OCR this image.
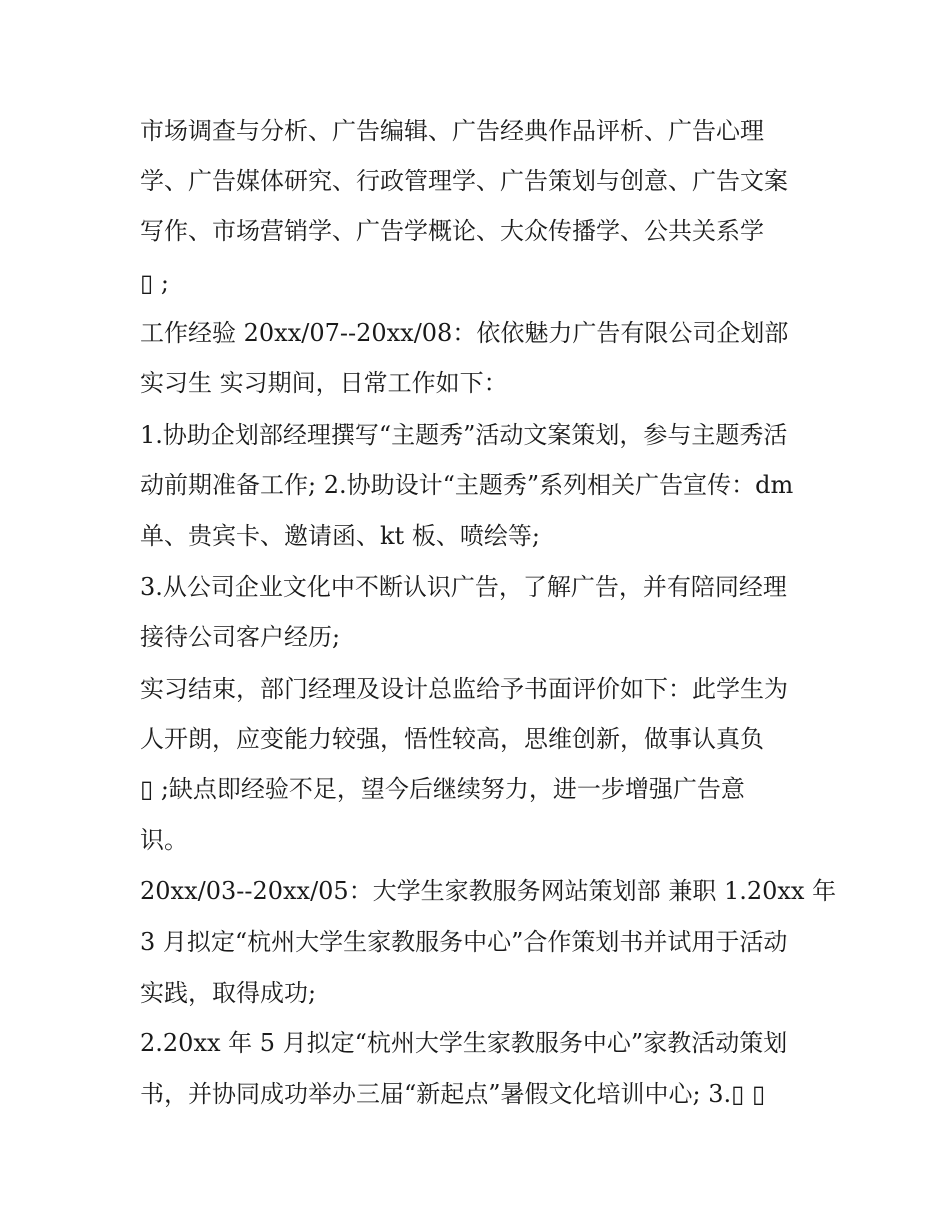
市场调查与分析、广告编辑、广告经典作品评析、广告心理

学、广告媒体研究、行政管理学、广告策划与创意、广告文案

写作、市场营销学、广告学概论、大众传播学、公共关系学

▯ ;

工作经验 20xx/07--20xx/08：依依魅力广告有限公司企划部

实习生 实习期间，日常工作如下：

1.协助企划部经理撰写“主题秀”活动文案策划，参与主题秀活

动前期准备工作; 2.协助设计“主题秀”系列相关广告宣传：dm

单、贵宾卡、邀请函、kt 板、喷绘等;

3.从公司企业文化中不断认识广告，了解广告，并有陪同经理

接待公司客户经历;

实习结束，部门经理及设计总监给予书面评价如下：此学生为

人开朗，应变能力较强，悟性较高，思维创新，做事认真负

▯ ;缺点即经验不足，望今后继续努力，进一步增强广告意

识。

20xx/03--20xx/05：大学生家教服务网站策划部 兼职 1.20xx 年

3 月拟定“杭州大学生家教服务中心”合作策划书并试用于活动

实践，取得成功;

2.20xx 年 5 月拟定“杭州大学生家教服务中心”家教活动策划

书，并协同成功举办三届“新起点”暑假文化培训中心; 3.▯ ▯
